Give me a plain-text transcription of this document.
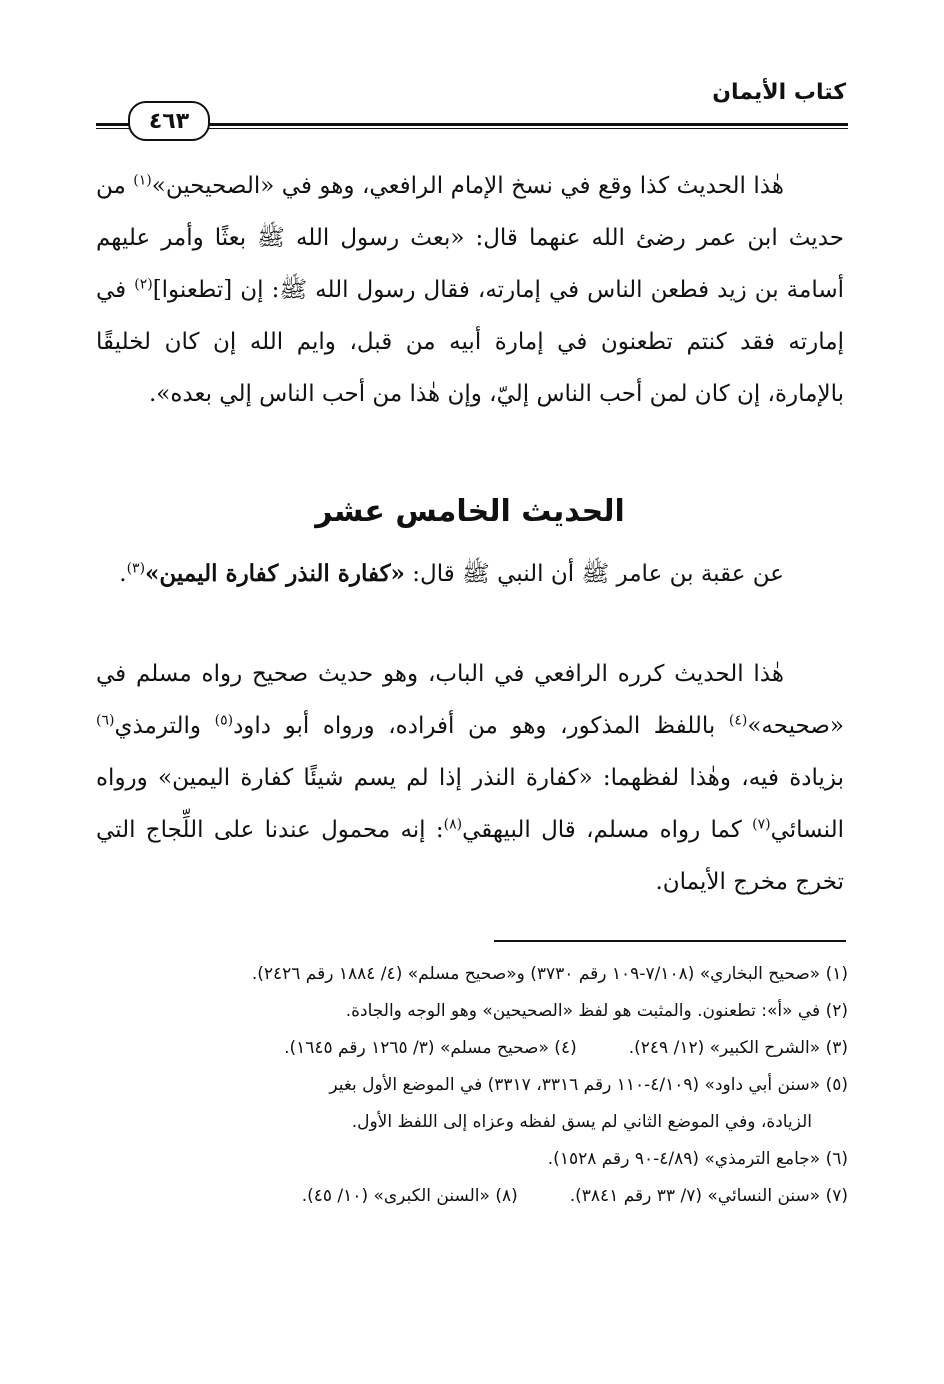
كتاب الأيمان
٤٦٣

هٰذا الحديث كذا وقع في نسخ الإمام الرافعي، وهو في «الصحيحين»$^{(١)}$ من حديث ابن عمر رضئ الله عنهما قال: «بعث رسول الله ﷺ بعثًا وأمر عليهم أسامة بن زيد فطعن الناس في إمارته، فقال رسول الله ﷺ: إن [تطعنوا]$^{(٢)}$ في إمارته فقد كنتم تطعنون في إمارة أبيه من قبل، وايم الله إن كان لخليقًا بالإمارة، إن كان لمن أحب الناس إليّ، وإن هٰذا من أحب الناس إلي بعده».

الحديث الخامس عشر

عن عقبة بن عامر ﷺ أن النبي ﷺ قال: «كفارة النذر كفارة اليمين»$^{(٣)}$.

هٰذا الحديث كرره الرافعي في الباب، وهو حديث صحيح رواه مسلم في «صحيحه»$^{(٤)}$ باللفظ المذكور، وهو من أفراده، ورواه أبو داود$^{(٥)}$ والترمذي$^{(٦)}$ بزيادة فيه، وهٰذا لفظهما: «كفارة النذر إذا لم يسم شيئًا كفارة اليمين» ورواه النسائي$^{(٧)}$ كما رواه مسلم، قال البيهقي$^{(٨)}$: إنه محمول عندنا على اللِّجاج التي تخرج مخرج الأيمان.

(١) «صحيح البخاري» (٧/١٠٨-١٠٩ رقم ٣٧٣٠) و«صحيح مسلم» (٤/ ١٨٨٤ رقم ٢٤٢٦).

(٢) في «أ»: تطعنون. والمثبت هو لفظ «الصحيحين» وهو الوجه والجادة.

(٣) «الشرح الكبير» (١٢/ ٢٤٩).
(٤) «صحيح مسلم» (٣/ ١٢٦٥ رقم ١٦٤٥).

(٥) «سنن أبي داود» (٤/١٠٩-١١٠ رقم ٣٣١٦، ٣٣١٧) في الموضع الأول بغير

الزيادة، وفي الموضع الثاني لم يسق لفظه وعزاه إلى اللفظ الأول.

(٦) «جامع الترمذي» (٤/٨٩-٩٠ رقم ١٥٢٨).

(٧) «سنن النسائي» (٧/ ٣٣ رقم ٣٨٤١).
(٨) «السنن الكبرى» (١٠/ ٤٥).
